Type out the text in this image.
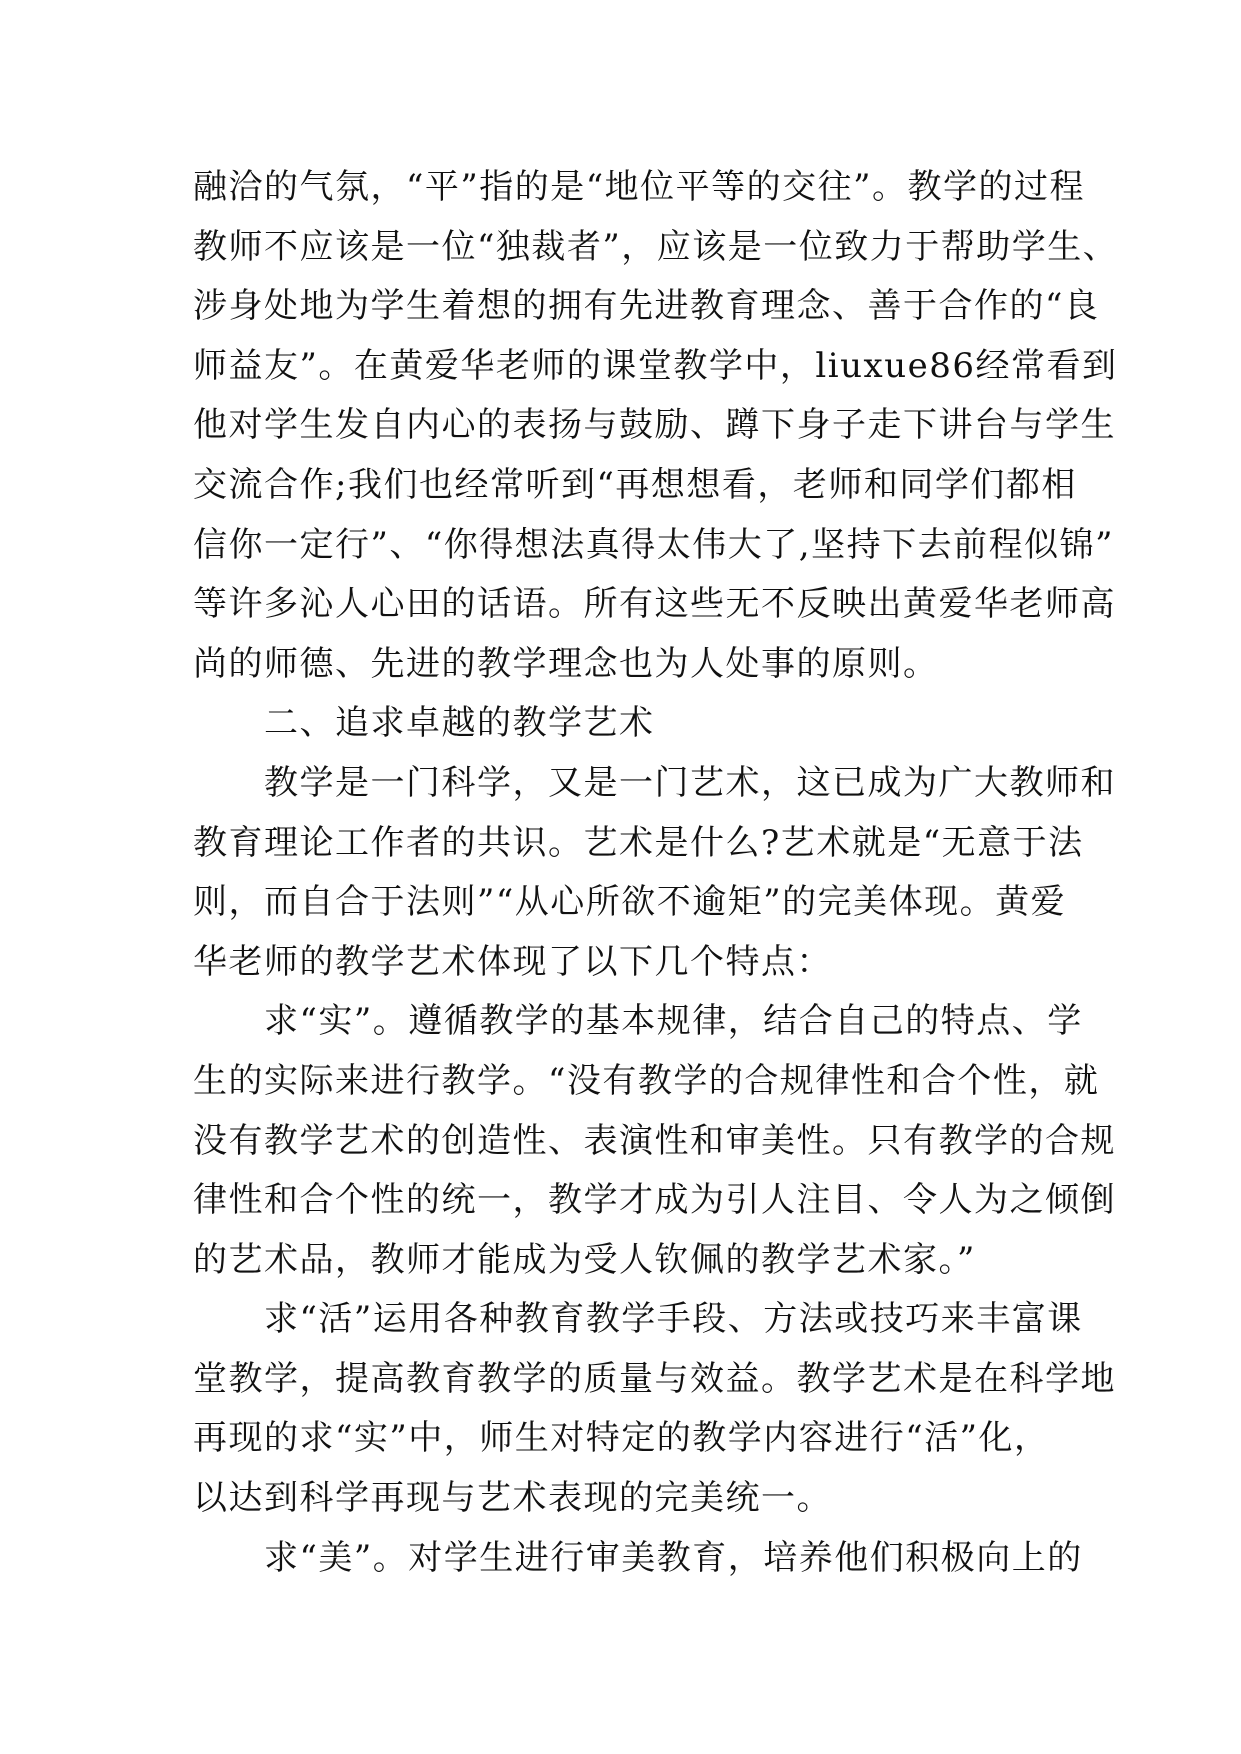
融洽的气氛，“平”指的是“地位平等的交往”。教学的过程
教师不应该是一位“独裁者”，应该是一位致力于帮助学生、
涉身处地为学生着想的拥有先进教育理念、善于合作的“良
师益友”。在黄爱华老师的课堂教学中，liuxue86经常看到
他对学生发自内心的表扬与鼓励、蹲下身子走下讲台与学生
交流合作;我们也经常听到“再想想看，老师和同学们都相
信你一定行”、“你得想法真得太伟大了,坚持下去前程似锦”
等许多沁人心田的话语。所有这些无不反映出黄爱华老师高
尚的师德、先进的教学理念也为人处事的原则。
　　二、追求卓越的教学艺术
　　教学是一门科学，又是一门艺术，这已成为广大教师和
教育理论工作者的共识。艺术是什么?艺术就是“无意于法
则，而自合于法则”“从心所欲不逾矩”的完美体现。黄爱
华老师的教学艺术体现了以下几个特点：
　　求“实”。遵循教学的基本规律，结合自己的特点、学
生的实际来进行教学。“没有教学的合规律性和合个性，就
没有教学艺术的创造性、表演性和审美性。只有教学的合规
律性和合个性的统一，教学才成为引人注目、令人为之倾倒
的艺术品，教师才能成为受人钦佩的教学艺术家。”
　　求“活”运用各种教育教学手段、方法或技巧来丰富课
堂教学，提高教育教学的质量与效益。教学艺术是在科学地
再现的求“实”中，师生对特定的教学内容进行“活”化，
以达到科学再现与艺术表现的完美统一。
　　求“美”。对学生进行审美教育，培养他们积极向上的
